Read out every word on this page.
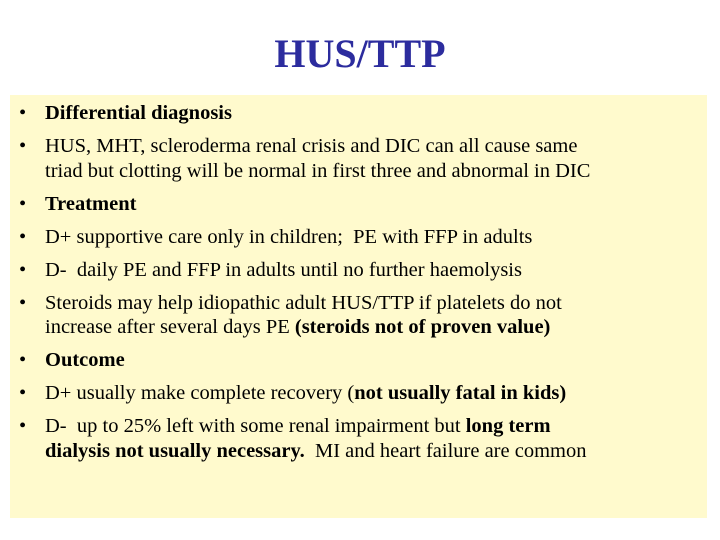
HUS/TTP
• Differential diagnosis
• HUS, MHT, scleroderma renal crisis and DIC can all cause same
triad but clotting will be normal in first three and abnormal in DIC
• Treatment
• D+ supportive care only in children;  PE with FFP in adults
• D-  daily PE and FFP in adults until no further haemolysis
• Steroids may help idiopathic adult HUS/TTP if platelets do not
increase after several days PE (steroids not of proven value)
• Outcome
• D+ usually make complete recovery (not usually fatal in kids)
• D-  up to 25% left with some renal impairment but long term
dialysis not usually necessary.  MI and heart failure are common
